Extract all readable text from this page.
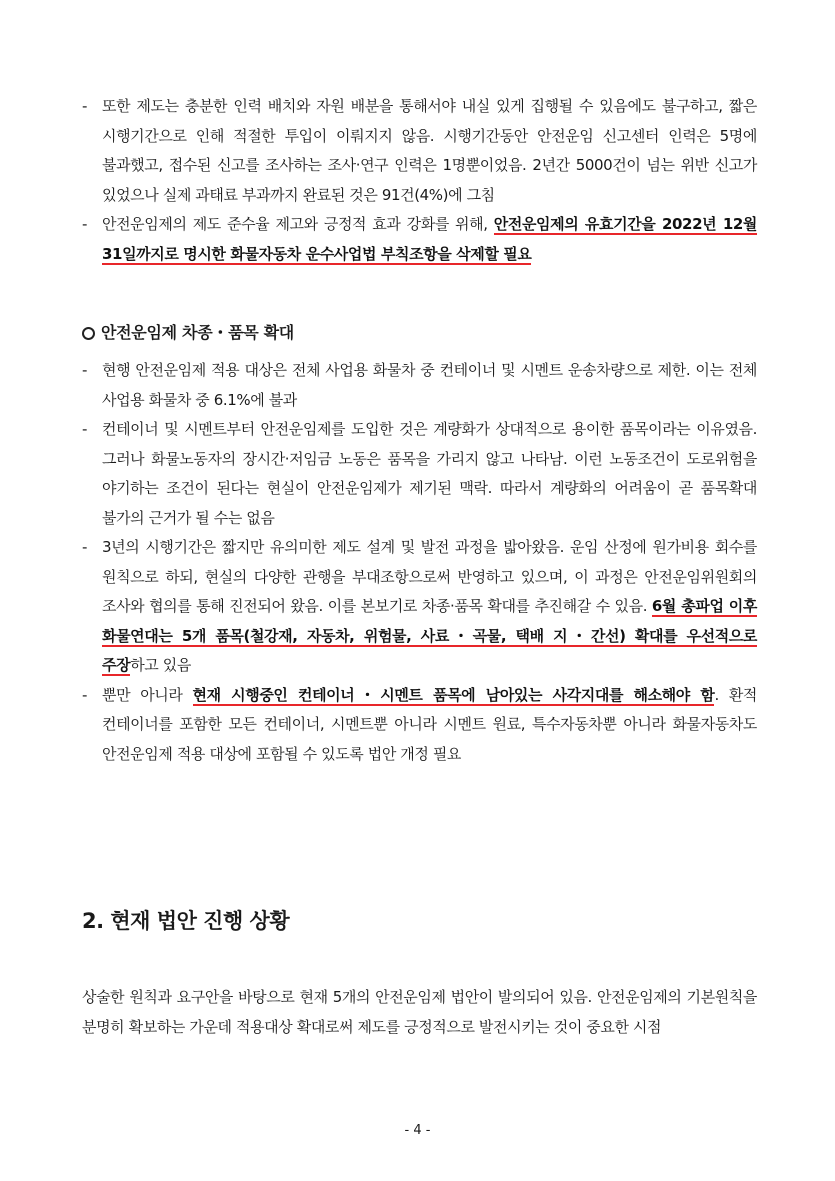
- 또한 제도는 충분한 인력 배치와 자원 배분을 통해서야 내실 있게 집행될 수 있음에도 불구하고, 짧은 시행기간으로 인해 적절한 투입이 이뤄지지 않음. 시행기간동안 안전운임 신고센터 인력은 5명에 불과했고, 접수된 신고를 조사하는 조사·연구 인력은 1명뿐이었음. 2년간 5000건이 넘는 위반 신고가 있었으나 실제 과태료 부과까지 완료된 것은 91건(4%)에 그침
- 안전운임제의 제도 준수율 제고와 긍정적 효과 강화를 위해, 안전운임제의 유효기간을 2022년 12월 31일까지로 명시한 화물자동차 운수사업법 부칙조항을 삭제할 필요
안전운임제 차종・품목 확대
- 현행 안전운임제 적용 대상은 전체 사업용 화물차 중 컨테이너 및 시멘트 운송차량으로 제한. 이는 전체 사업용 화물차 중 6.1%에 불과
- 컨테이너 및 시멘트부터 안전운임제를 도입한 것은 계량화가 상대적으로 용이한 품목이라는 이유였음. 그러나 화물노동자의 장시간·저임금 노동은 품목을 가리지 않고 나타남. 이런 노동조건이 도로위험을 야기하는 조건이 된다는 현실이 안전운임제가 제기된 맥락. 따라서 계량화의 어려움이 곧 품목확대 불가의 근거가 될 수는 없음
- 3년의 시행기간은 짧지만 유의미한 제도 설계 및 발전 과정을 밟아왔음. 운임 산정에 원가비용 회수를 원칙으로 하되, 현실의 다양한 관행을 부대조항으로써 반영하고 있으며, 이 과정은 안전운임위원회의 조사와 협의를 통해 진전되어 왔음. 이를 본보기로 차종·품목 확대를 추진해갈 수 있음. 6월 총파업 이후 화물연대는 5개 품목(철강재, 자동차, 위험물, 사료・곡물, 택배 지・간선) 확대를 우선적으로 주장하고 있음
- 뿐만 아니라 현재 시행중인 컨테이너・시멘트 품목에 남아있는 사각지대를 해소해야 함. 환적 컨테이너를 포함한 모든 컨테이너, 시멘트뿐 아니라 시멘트 원료, 특수자동차뿐 아니라 화물자동차도 안전운임제 적용 대상에 포함될 수 있도록 법안 개정 필요
2. 현재 법안 진행 상황
상술한 원칙과 요구안을 바탕으로 현재 5개의 안전운임제 법안이 발의되어 있음. 안전운임제의 기본원칙을 분명히 확보하는 가운데 적용대상 확대로써 제도를 긍정적으로 발전시키는 것이 중요한 시점
- 4 -
